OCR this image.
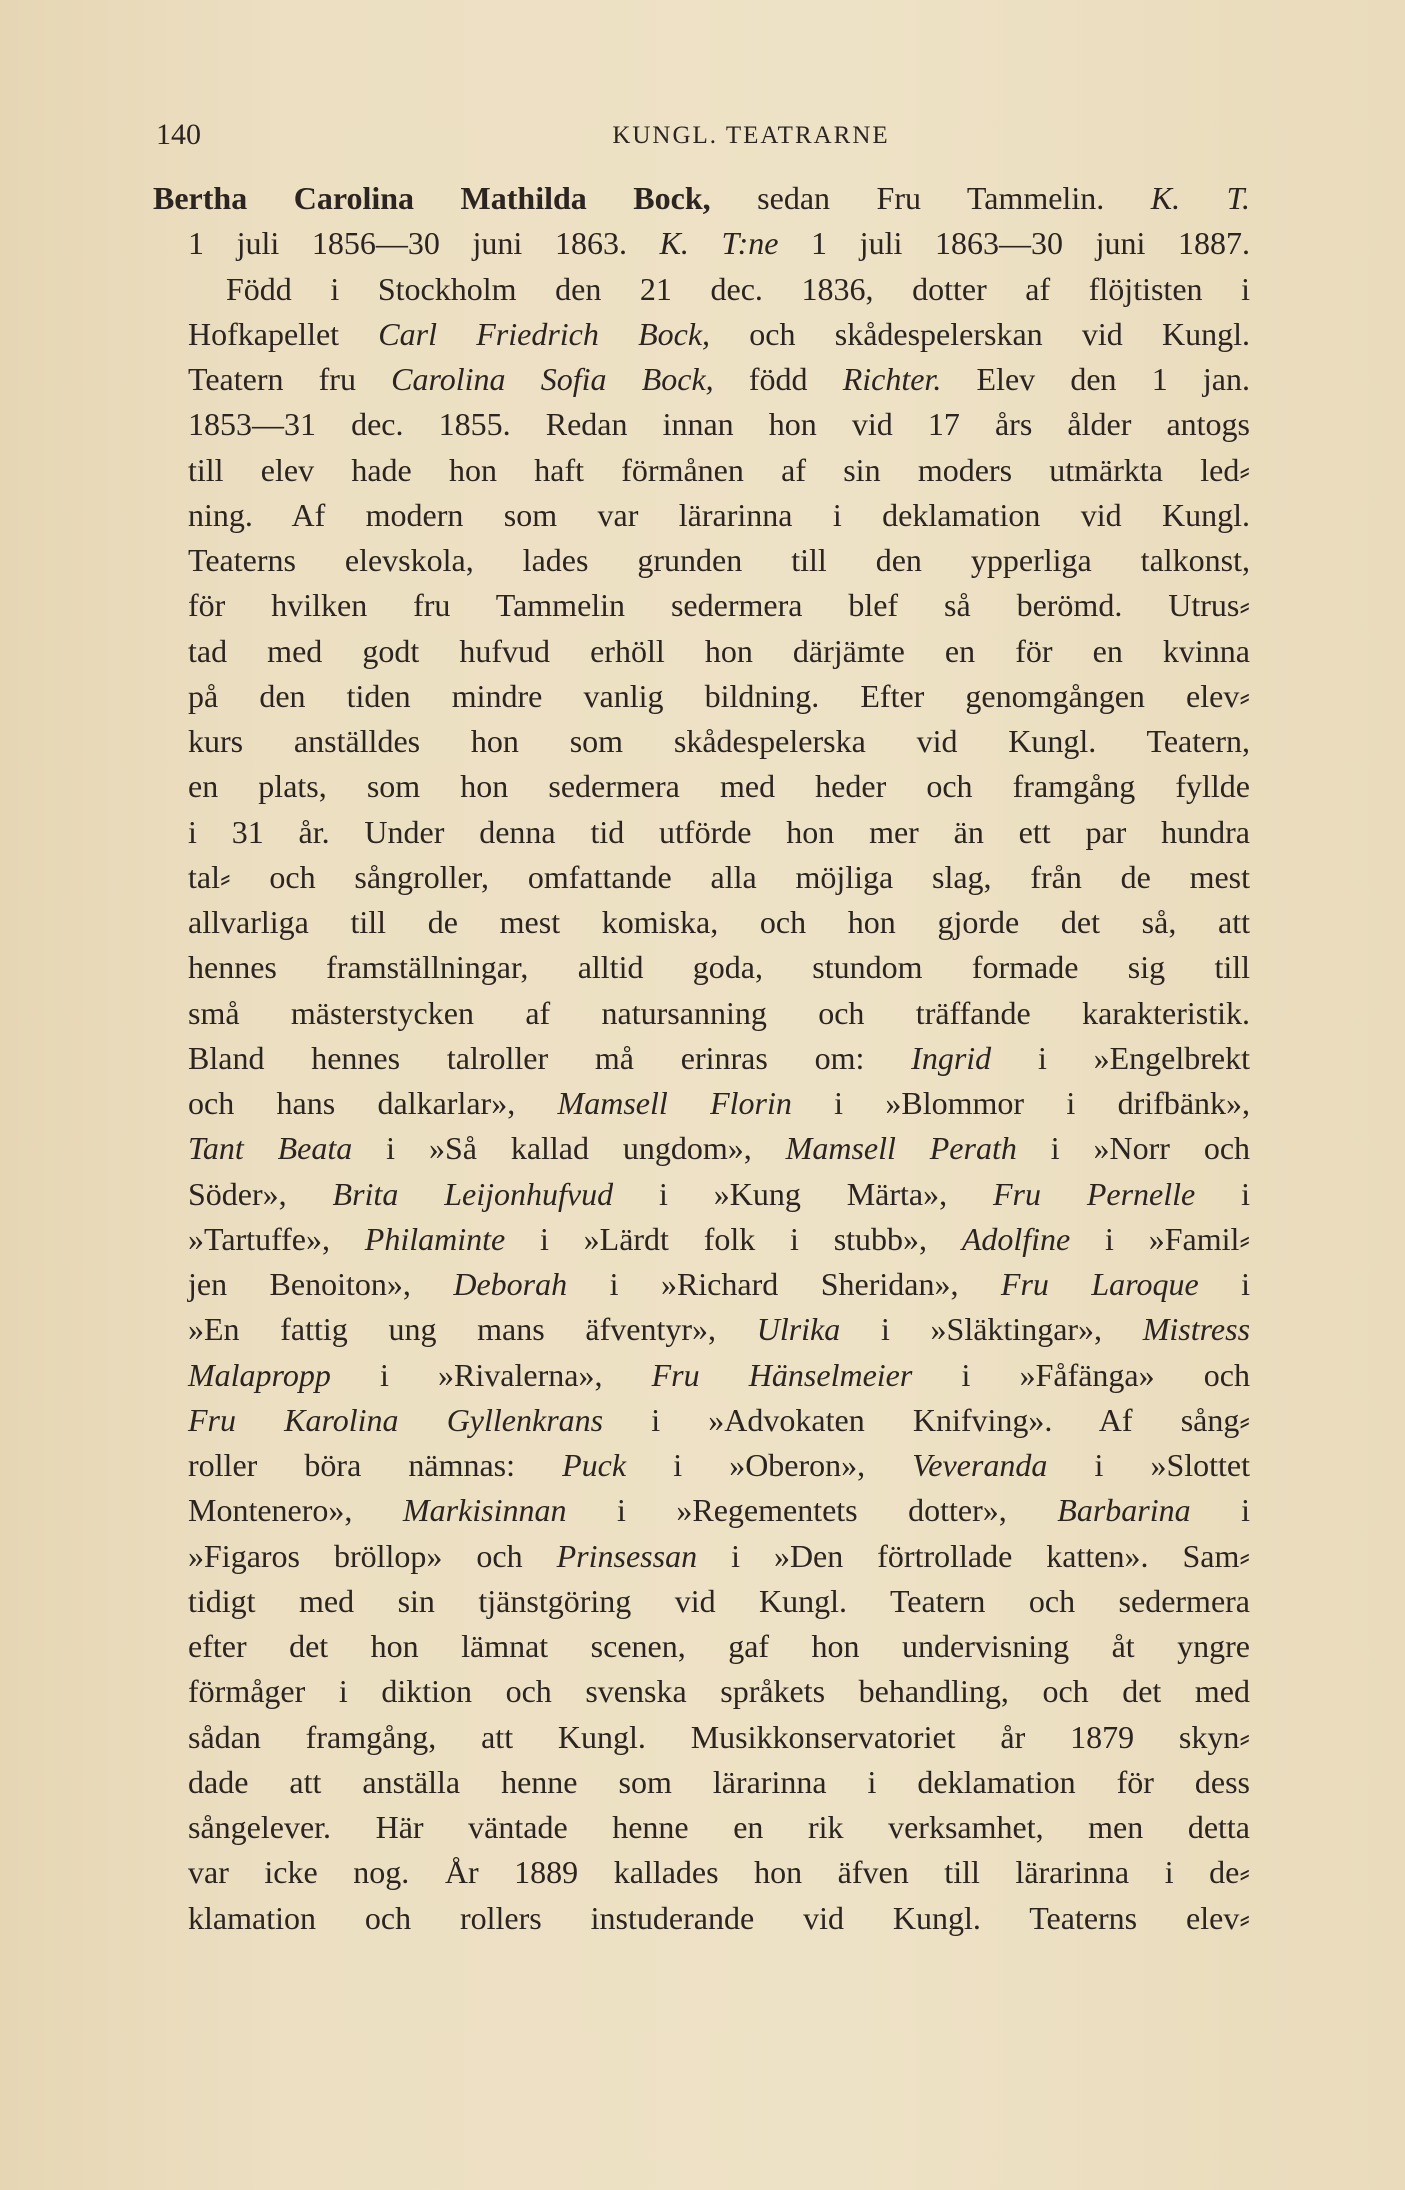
140	KUNGL. TEATRARNE
Bertha Carolina Mathilda Bock, sedan Fru Tammelin. K. T.
1 juli 1856—30 juni 1863. K. T:ne 1 juli 1863—30 juni 1887.
Född i Stockholm den 21 dec. 1836, dotter af flöjtisten i
Hofkapellet Carl Friedrich Bock, och skådespelerskan vid Kungl.
Teatern fru Carolina Sofia Bock, född Richter. Elev den 1 jan.
1853—31 dec. 1855. Redan innan hon vid 17 års ålder antogs
till elev hade hon haft förmånen af sin moders utmärkta led⸗
ning. Af modern som var lärarinna i deklamation vid Kungl.
Teaterns elevskola, lades grunden till den ypperliga talkonst,
för hvilken fru Tammelin sedermera blef så berömd. Utrus⸗
tad med godt hufvud erhöll hon därjämte en för en kvinna
på den tiden mindre vanlig bildning. Efter genomgången elev⸗
kurs anställdes hon som skådespelerska vid Kungl. Teatern,
en plats, som hon sedermera med heder och framgång fyllde
i 31 år. Under denna tid utförde hon mer än ett par hundra
tal⸗ och sångroller, omfattande alla möjliga slag, från de mest
allvarliga till de mest komiska, och hon gjorde det så, att
hennes framställningar, alltid goda, stundom formade sig till
små mästerstycken af natursanning och träffande karakteristik.
Bland hennes talroller må erinras om: Ingrid i »Engelbrekt
och hans dalkarlar», Mamsell Florin i »Blommor i drifbänk»,
Tant Beata i »Så kallad ungdom», Mamsell Perath i »Norr och
Söder», Brita Leijonhufvud i »Kung Märta», Fru Pernelle i
»Tartuffe», Philaminte i »Lärdt folk i stubb», Adolfine i »Famil⸗
jen Benoiton», Deborah i »Richard Sheridan», Fru Laroque i
»En fattig ung mans äfventyr», Ulrika i »Släktingar», Mistress
Malapropp i »Rivalerna», Fru Hänselmeier i »Fåfänga» och
Fru Karolina Gyllenkrans i »Advokaten Knifving». Af sång⸗
roller böra nämnas: Puck i »Oberon», Veveranda i »Slottet
Montenero», Markisinnan i »Regementets dotter», Barbarina i
»Figaros bröllop» och Prinsessan i »Den förtrollade katten». Sam⸗
tidigt med sin tjänstgöring vid Kungl. Teatern och sedermera
efter det hon lämnat scenen, gaf hon undervisning åt yngre
förmåger i diktion och svenska språkets behandling, och det med
sådan framgång, att Kungl. Musikkonservatoriet år 1879 skyn⸗
dade att anställa henne som lärarinna i deklamation för dess
sångelever. Här väntade henne en rik verksamhet, men detta
var icke nog. År 1889 kallades hon äfven till lärarinna i de⸗
klamation och rollers instuderande vid Kungl. Teaterns elev⸗
